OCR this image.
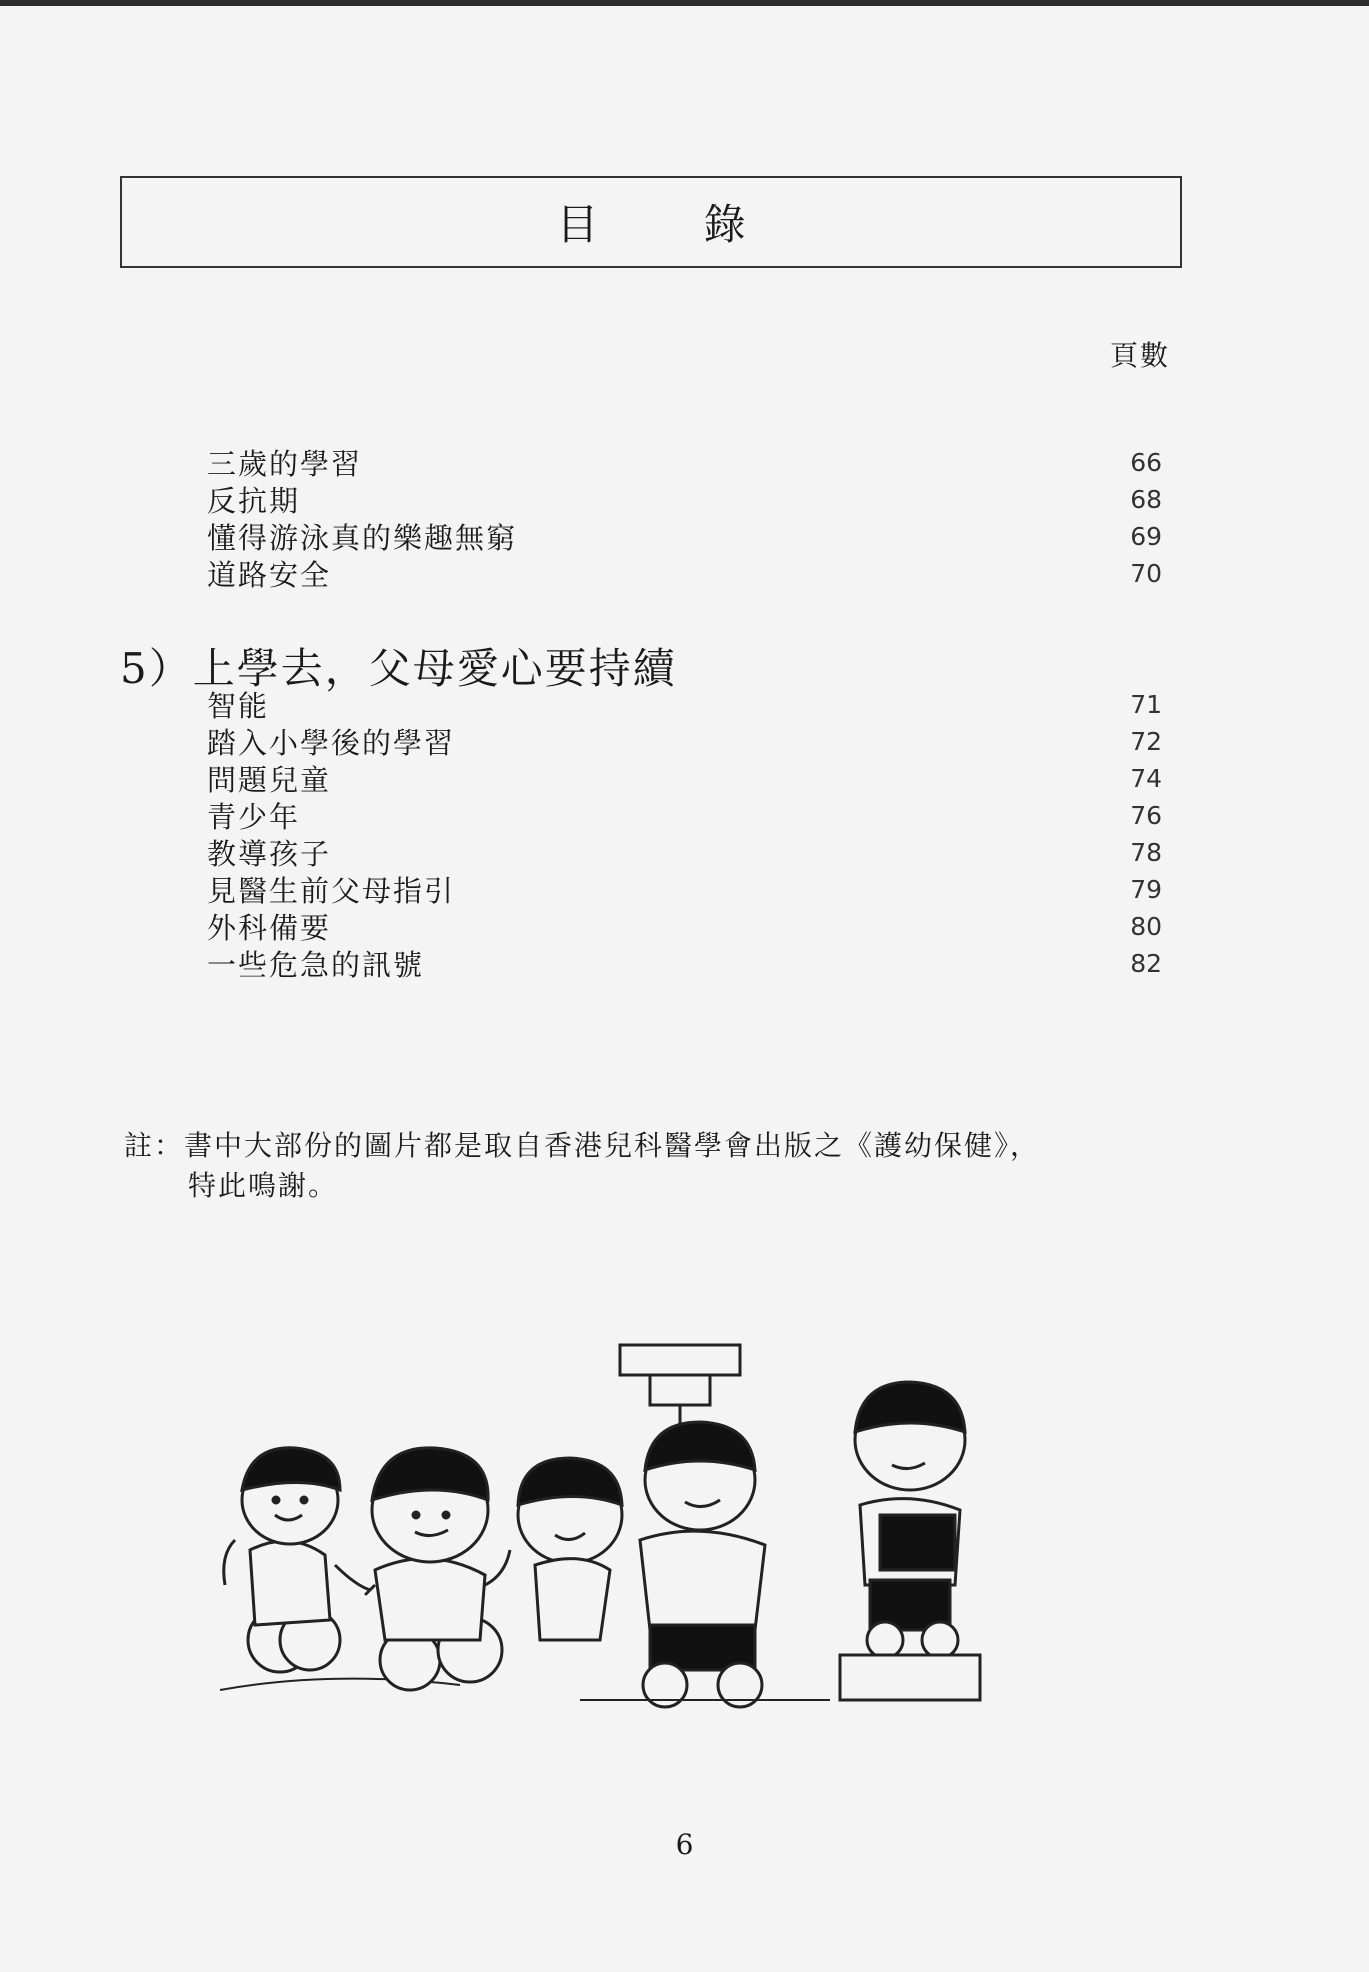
目 錄
頁數
三歲的學習	66
反抗期	68
懂得游泳真的樂趣無窮	69
道路安全	70
5）上學去，父母愛心要持續
智能	71
踏入小學後的學習	72
問題兒童	74
青少年	76
教導孩子	78
見醫生前父母指引	79
外科備要	80
一些危急的訊號	82
註：書中大部份的圖片都是取自香港兒科醫學會出版之《護幼保健》，
特此鳴謝。
6
